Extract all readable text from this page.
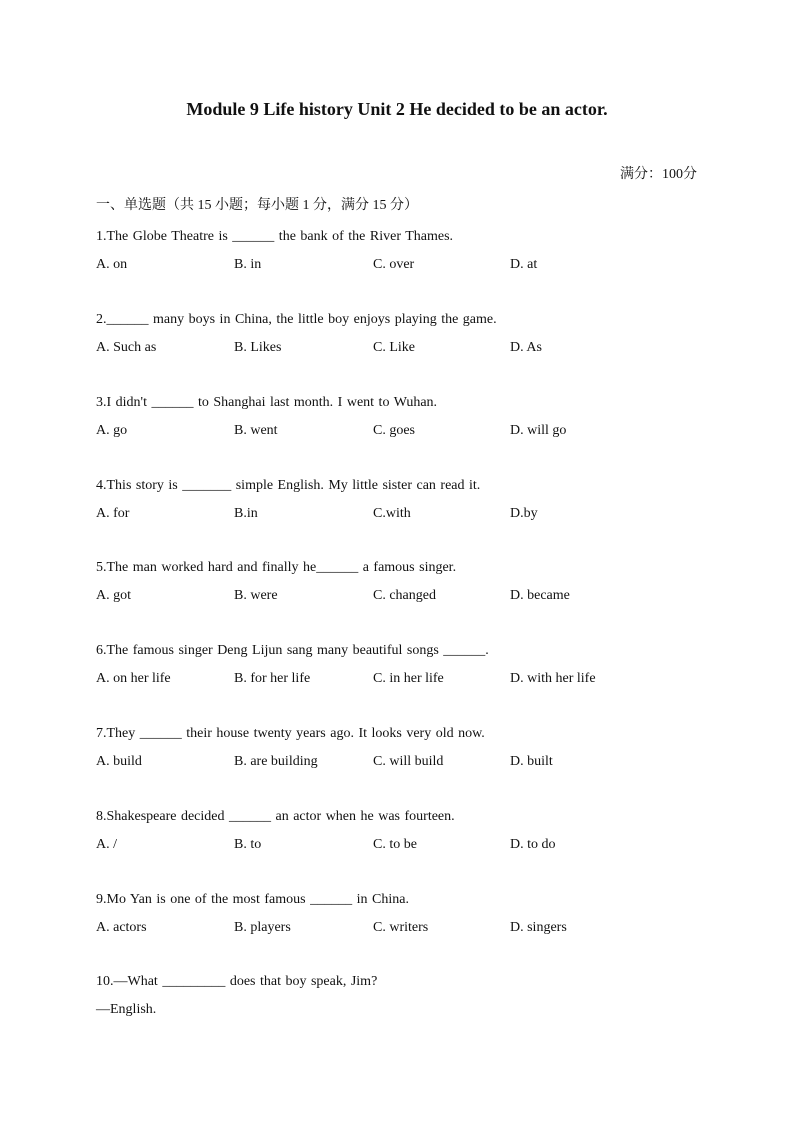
Module 9 Life history Unit 2 He decided to be an actor.
满分：100分
一、单选题（共 15 小题；每小题 1 分，满分 15 分）
1.The Globe Theatre is ______ the bank of the River Thames.
A. on	B. in	C. over	D. at
2.______ many boys in China, the little boy enjoys playing the game.
A. Such as	B. Likes	C. Like	D. As
3.I didn't ______ to Shanghai last month. I went to Wuhan.
A. go	B. went	C. goes	D. will go
4.This story is _______ simple English. My little sister can read it.
A. for	B.in	C.with	D.by
5.The man worked hard and finally he______ a famous singer.
A. got	B. were	C. changed	D. became
6.The famous singer Deng Lijun sang many beautiful songs ______.
A. on her life	B. for her life	C. in her life	D. with her life
7.They ______ their house twenty years ago. It looks very old now.
A. build	B. are building	C. will build	D. built
8.Shakespeare decided ______ an actor when he was fourteen.
A. /	B. to	C. to be	D. to do
9.Mo Yan is one of the most famous ______ in China.
A. actors	B. players	C. writers	D. singers
10.—What _________ does that boy speak, Jim?
—English.
